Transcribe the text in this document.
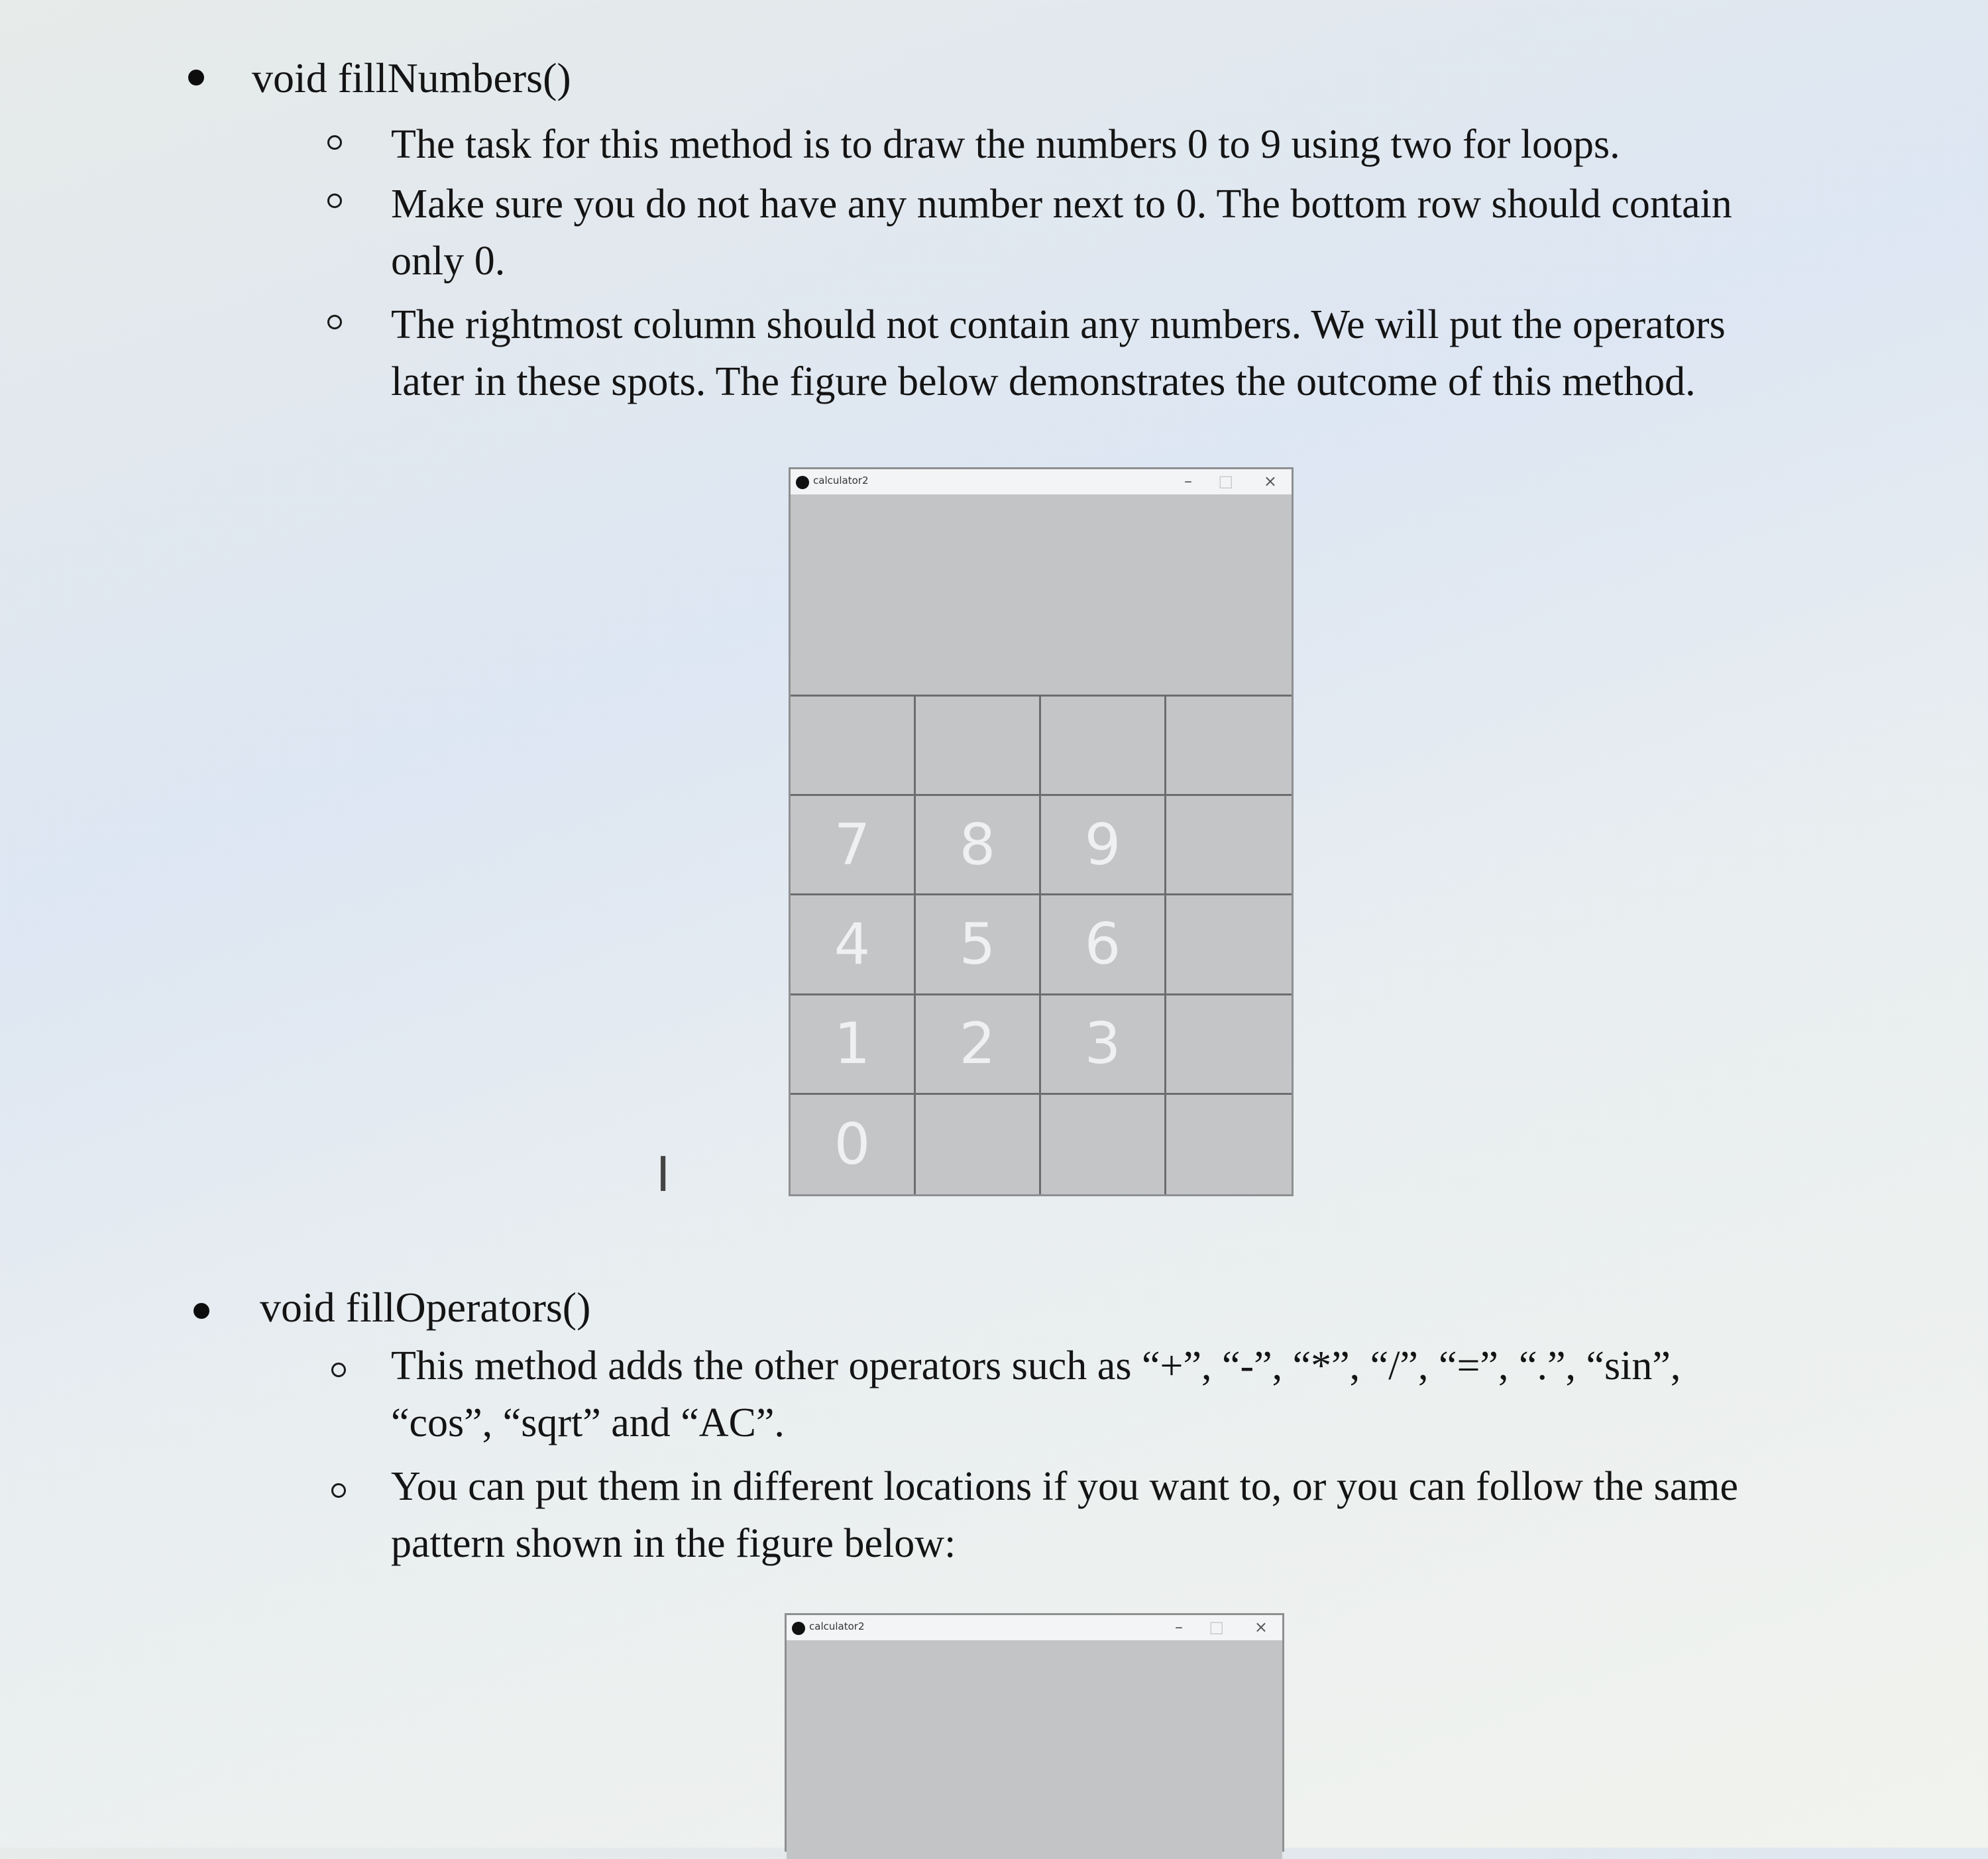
void fillNumbers()
The task for this method is to draw the numbers 0 to 9 using two for loops.
Make sure you do not have any number next to 0. The bottom row should contain
only 0.
The rightmost column should not contain any numbers. We will put the operators
later in these spots. The figure below demonstrates the outcome of this method.
calculator2	– □ ×
7	8	9
4	5	6
1	2	3
0
I
void fillOperators()
This method adds the other operators such as “+”, “-”, “*”, “/”, “=”, “.”, “sin”,
“cos”, “sqrt” and “AC”.
You can put them in different locations if you want to, or you can follow the same
pattern shown in the figure below:
calculator2	– □ ×
